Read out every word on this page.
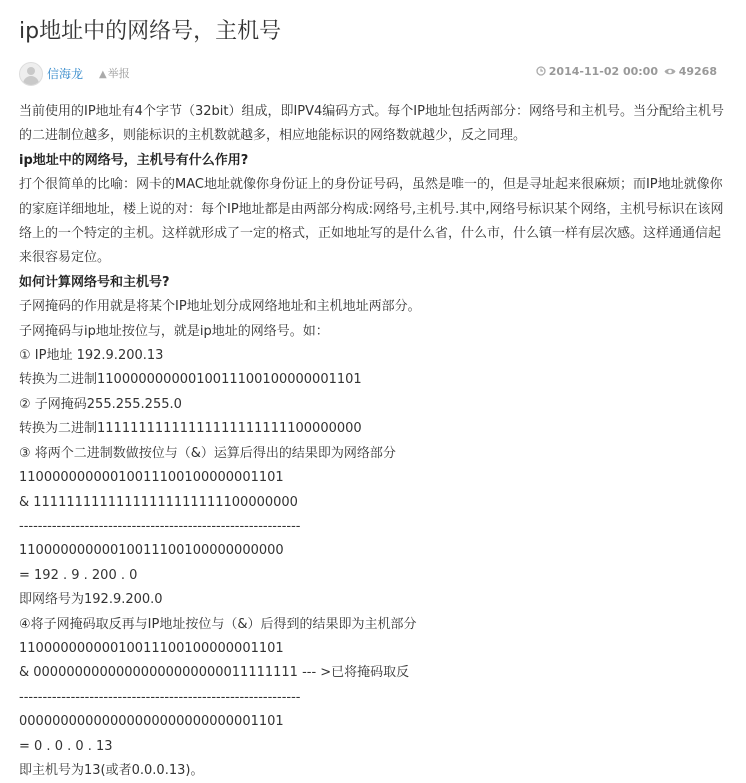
ip地址中的网络号，主机号
信海龙 ▲举报	2014-11-02 00:00	49268

当前使用的IP地址有4个字节（32bit）组成，即IPV4编码方式。每个IP地址包括两部分：网络号和主机号。当分配给主机号的二进制位越多，则能标识的主机数就越多，相应地能标识的网络数就越少，反之同理。

ip地址中的网络号，主机号有什么作用?

打个很简单的比喻：网卡的MAC地址就像你身份证上的身份证号码，虽然是唯一的，但是寻址起来很麻烦；而IP地址就像你的家庭详细地址，楼上说的对：每个IP地址都是由两部分构成:网络号,主机号.其中,网络号标识某个网络，主机号标识在该网络上的一个特定的主机。这样就形成了一定的格式，正如地址写的是什么省，什么市，什么镇一样有层次感。这样通通信起来很容易定位。

如何计算网络号和主机号?

子网掩码的作用就是将某个IP地址划分成网络地址和主机地址两部分。

子网掩码与ip地址按位与，就是ip地址的网络号。如：

① IP地址 192.9.200.13

转换为二进制11000000000010011100100000001101

② 子网掩码255.255.255.0

转换为二进制11111111111111111111111100000000

③ 将两个二进制数做按位与（&）运算后得出的结果即为网络部分

11000000000010011100100000001101

& 11111111111111111111111100000000

------------------------------------------------------------

11000000000010011100100000000000

= 192 . 9 . 200 . 0

即网络号为192.9.200.0

④将子网掩码取反再与IP地址按位与（&）后得到的结果即为主机部分

11000000000010011100100000001101

& 00000000000000000000000011111111 --- >已将掩码取反

------------------------------------------------------------

00000000000000000000000000001101

= 0 . 0 . 0 . 13

即主机号为13(或者0.0.0.13)。
